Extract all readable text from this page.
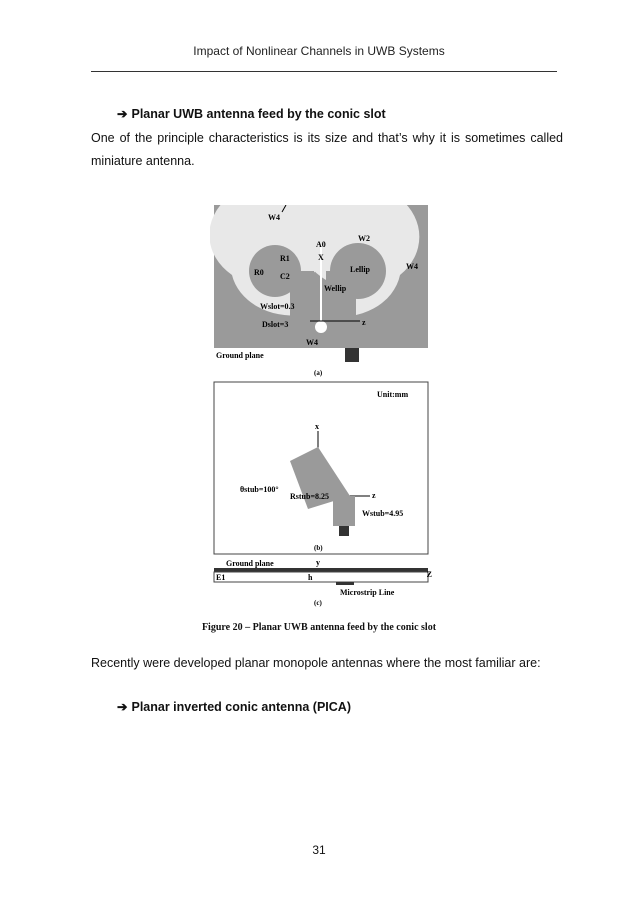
Impact of Nonlinear Channels in UWB Systems
➔ Planar UWB antenna feed by the conic slot
One of the principle characteristics is its size and that’s why it is sometimes called miniature antenna.
W4
A0
X
W2
R1
C2
R0	Lellip	W4
Wellip
Wslot=0.3
Dslot=3	z
W4
Ground plane
(a)
Unit:mm
x
θstub=100°
Rstub=8.25	z
Wstub=4.95
(b)
Ground plane	y
E1	h	Z
Microstrip Line
(c)
Figure 20 – Planar UWB antenna feed by the conic slot
Recently were developed planar monopole antennas where the most familiar are:
➔ Planar inverted conic antenna (PICA)
31
